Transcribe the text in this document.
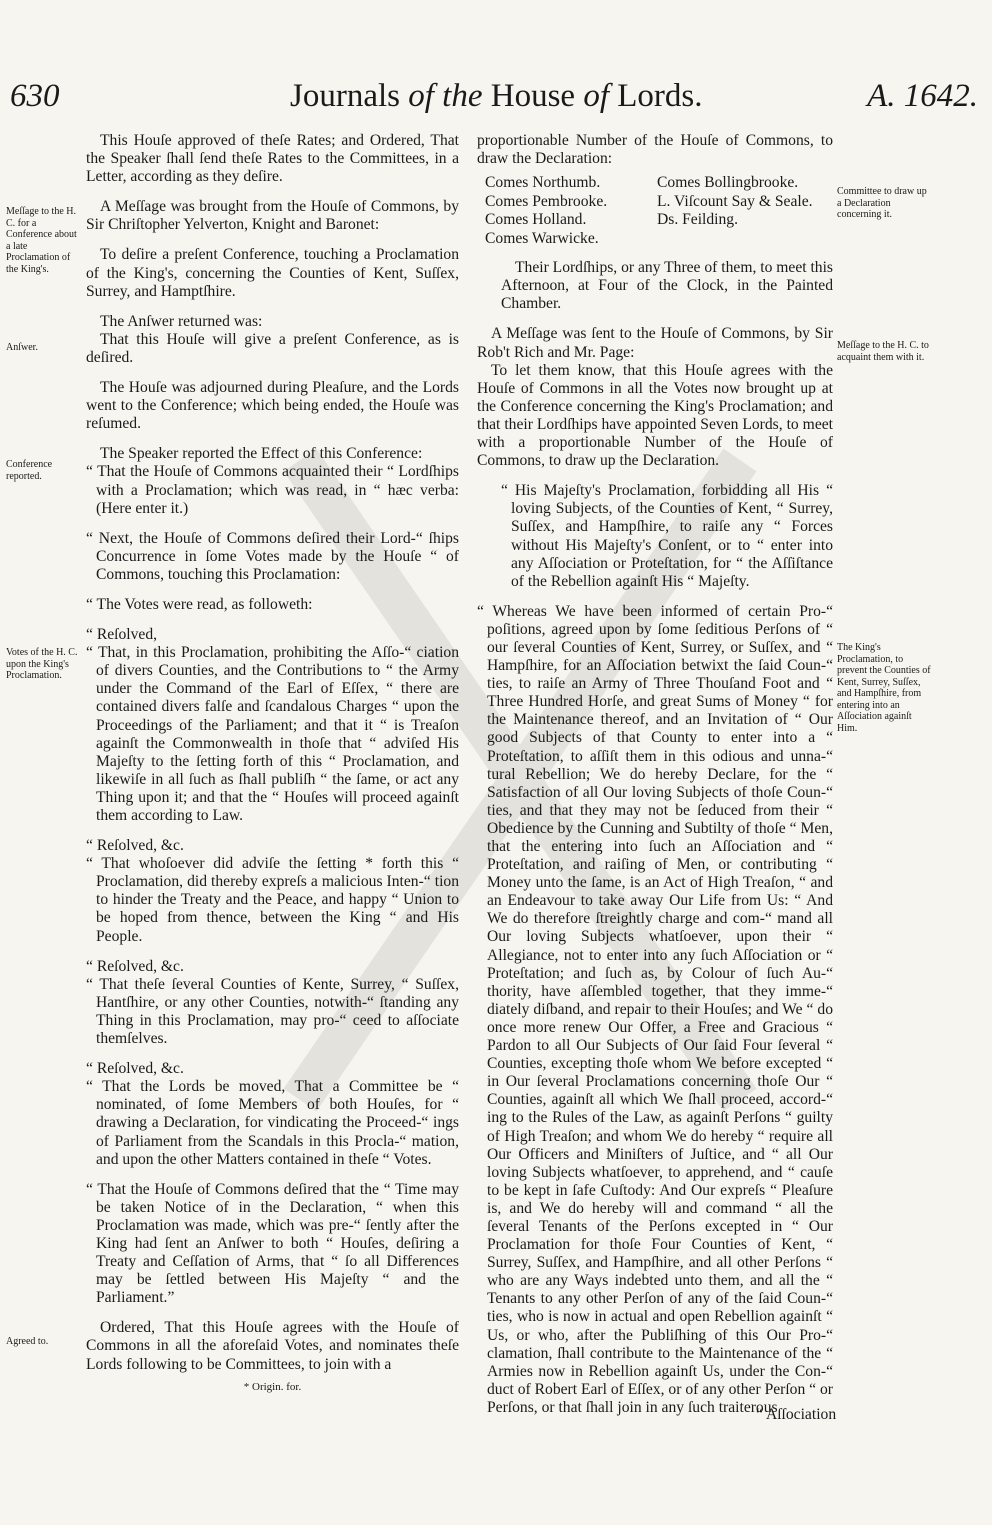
630	Journals of the House of Lords.	A. 1642.
Meſſage to the H. C. for a Conference about a late Proclamation of the King's.
Anſwer.
Conference reported.
Votes of the H. C. upon the King's Proclamation.
Agreed to.
Committee to draw up a Declaration concerning it.
Meſſage to the H. C. to acquaint them with it.
The King's Proclamation, to prevent the Counties of Kent, Surrey, Suſſex, and Hampſhire, from entering into an Aſſociation againſt Him.

This Houſe approved of theſe Rates; and Ordered, That the Speaker ſhall ſend theſe Rates to the Committees, in a Letter, according as they deſire.

A Meſſage was brought from the Houſe of Commons, by Sir Chriſtopher Yelverton, Knight and Baronet:

To deſire a preſent Conference, touching a Proclamation of the King's, concerning the Counties of Kent, Suſſex, Surrey, and Hamptſhire.

The Anſwer returned was:

That this Houſe will give a preſent Conference, as is deſired.

The Houſe was adjourned during Pleaſure, and the Lords went to the Conference; which being ended, the Houſe was reſumed.

The Speaker reported the Effect of this Conference:

“ That the Houſe of Commons acquainted their “ Lordſhips with a Proclamation; which was read, in “ hæc verba: (Here enter it.)

“ Next, the Houſe of Commons deſired their Lord-“ ſhips Concurrence in ſome Votes made by the Houſe “ of Commons, touching this Proclamation:

“ The Votes were read, as followeth:

“ Reſolved,

“ That, in this Proclamation, prohibiting the Aſſo-“ ciation of divers Counties, and the Contributions to “ the Army under the Command of the Earl of Eſſex, “ there are contained divers falſe and ſcandalous Charges “ upon the Proceedings of the Parliament; and that it “ is Treaſon againſt the Commonwealth in thoſe that “ adviſed His Majeſty to the ſetting forth of this “ Proclamation, and likewiſe in all ſuch as ſhall publiſh “ the ſame, or act any Thing upon it; and that the “ Houſes will proceed againſt them according to Law.

“ Reſolved, &c.

“ That whoſoever did adviſe the ſetting * forth this “ Proclamation, did thereby expreſs a malicious Inten-“ tion to hinder the Treaty and the Peace, and happy “ Union to be hoped from thence, between the King “ and His People.

“ Reſolved, &c.

“ That theſe ſeveral Counties of Kente, Surrey, “ Suſſex, Hantſhire, or any other Counties, notwith-“ ſtanding any Thing in this Proclamation, may pro-“ ceed to aſſociate themſelves.

“ Reſolved, &c.

“ That the Lords be moved, That a Committee be “ nominated, of ſome Members of both Houſes, for “ drawing a Declaration, for vindicating the Proceed-“ ings of Parliament from the Scandals in this Procla-“ mation, and upon the other Matters contained in theſe “ Votes.

“ That the Houſe of Commons deſired that the “ Time may be taken Notice of in the Declaration, “ when this Proclamation was made, which was pre-“ ſently after the King had ſent an Anſwer to both “ Houſes, deſiring a Treaty and Ceſſation of Arms, that “ ſo all Differences may be ſettled between His Majeſty “ and the Parliament.”

Ordered, That this Houſe agrees with the Houſe of Commons in all the aforeſaid Votes, and nominates theſe Lords following to be Committees, to join with a

* Origin. for.

proportionable Number of the Houſe of Commons, to draw the Declaration:

Comes Northumb.	Comes Bollingbrooke.
Comes Pembrooke.	L. Viſcount Say & Seale.
Comes Holland.	Ds. Feilding.
Comes Warwicke.

Their Lordſhips, or any Three of them, to meet this Afternoon, at Four of the Clock, in the Painted Chamber.

A Meſſage was ſent to the Houſe of Commons, by Sir Rob't Rich and Mr. Page:

To let them know, that this Houſe agrees with the Houſe of Commons in all the Votes now brought up at the Conference concerning the King's Proclamation; and that their Lordſhips have appointed Seven Lords, to meet with a proportionable Number of the Houſe of Commons, to draw up the Declaration.

“ His Majeſty's Proclamation, forbidding all His “ loving Subjects, of the Counties of Kent, “ Surrey, Suſſex, and Hampſhire, to raiſe any “ Forces without His Majeſty's Conſent, or to “ enter into any Aſſociation or Proteſtation, for “ the Aſſiſtance of the Rebellion againſt His “ Majeſty.

“ Whereas We have been informed of certain Pro-“ poſitions, agreed upon by ſome ſeditious Perſons of “ our ſeveral Counties of Kent, Surrey, or Suſſex, and “ Hampſhire, for an Aſſociation betwixt the ſaid Coun-“ ties, to raiſe an Army of Three Thouſand Foot and “ Three Hundred Horſe, and great Sums of Money “ for the Maintenance thereof, and an Invitation of “ Our good Subjects of that County to enter into a “ Proteſtation, to aſſiſt them in this odious and unna-“ tural Rebellion; We do hereby Declare, for the “ Satisfaction of all Our loving Subjects of thoſe Coun-“ ties, and that they may not be ſeduced from their “ Obedience by the Cunning and Subtilty of thoſe “ Men, that the entering into ſuch an Aſſociation and “ Proteſtation, and raiſing of Men, or contributing “ Money unto the ſame, is an Act of High Treaſon, “ and an Endeavour to take away Our Life from Us: “ And We do therefore ſtreightly charge and com-“ mand all Our loving Subjects whatſoever, upon their “ Allegiance, not to enter into any ſuch Aſſociation or “ Proteſtation; and ſuch as, by Colour of ſuch Au-“ thority, have aſſembled together, that they imme-“ diately diſband, and repair to their Houſes; and We “ do once more renew Our Offer, a Free and Gracious “ Pardon to all Our Subjects of Our ſaid Four ſeveral “ Counties, excepting thoſe whom We before excepted “ in Our ſeveral Proclamations concerning thoſe Our “ Counties, againſt all which We ſhall proceed, accord-“ ing to the Rules of the Law, as againſt Perſons “ guilty of High Treaſon; and whom We do hereby “ require all Our Officers and Miniſters of Juſtice, and “ all Our loving Subjects whatſoever, to apprehend, and “ cauſe to be kept in ſafe Cuſtody: And Our expreſs “ Pleaſure is, and We do hereby will and command “ all the ſeveral Tenants of the Perſons excepted in “ Our Proclamation for thoſe Four Counties of Kent, “ Surrey, Suſſex, and Hampſhire, and all other Perſons “ who are any Ways indebted unto them, and all the “ Tenants to any other Perſon of any of the ſaid Coun-“ ties, who is now in actual and open Rebellion againſt “ Us, or who, after the Publiſhing of this Our Pro-“ clamation, ſhall contribute to the Maintenance of the “ Armies now in Rebellion againſt Us, under the Con-“ duct of Robert Earl of Eſſex, or of any other Perſon “ or Perſons, or that ſhall join in any ſuch traiterous

“ Aſſociation
